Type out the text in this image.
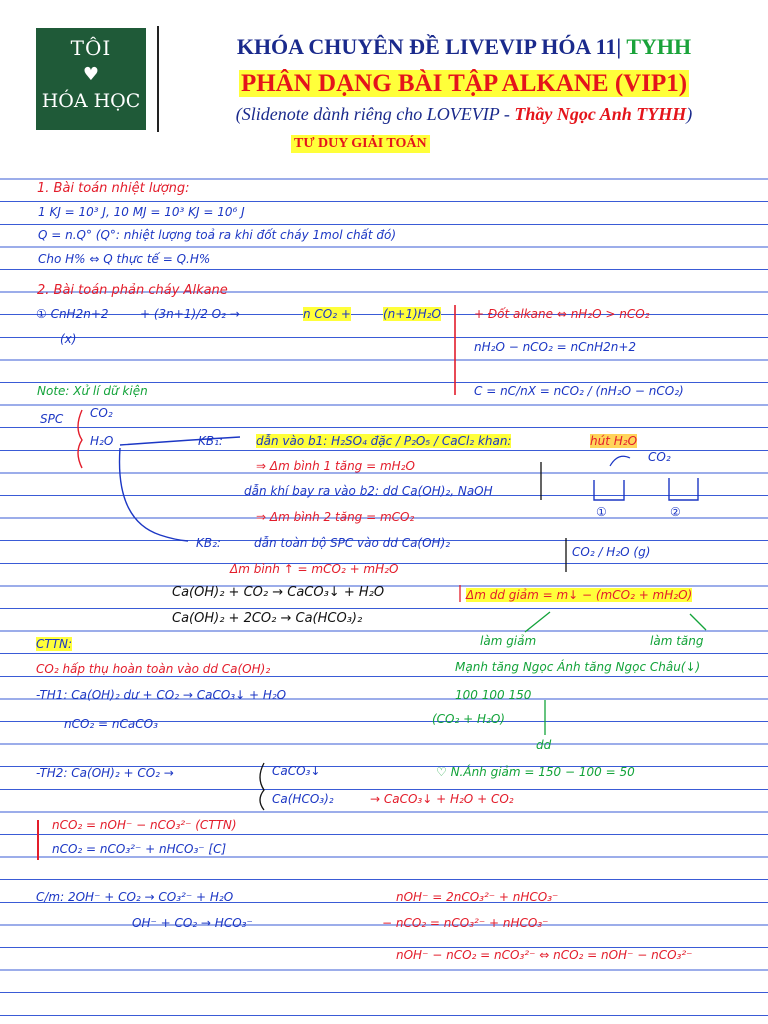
TÔI
♥
HÓA HỌC
KHÓA CHUYÊN ĐỀ LIVEVIP HÓA 11| TYHH
PHÂN DẠNG BÀI TẬP ALKANE (VIP1)
(Slidenote dành riêng cho LOVEVIP - Thầy Ngọc Anh TYHH)
TƯ DUY GIẢI TOÁN
1. Bài toán nhiệt lượng:
1 KJ = 10³ J, 10 MJ = 10³ KJ = 10⁶ J
Q = n.Q° (Q°: nhiệt lượng toả ra khi đốt cháy 1mol chất đó)
Cho H% ⇔ Q thực tế = Q.H%
2. Bài toán phản cháy Alkane
① CnH2n+2	+ (3n+1)/2 O₂ →	n CO₂ +	(n+1)H₂O	+ Đốt alkane ⇔ nH₂O > nCO₂
(x)
nH₂O − nCO₂ = nCnH2n+2
Note: Xử lí dữ kiện	C = nC/nX = nCO₂ / (nH₂O − nCO₂)
SPC CO₂
H₂O	KB₁:	dẫn vào b1: H₂SO₄ đặc / P₂O₅ / CaCl₂ khan:	hút H₂O
⇒ Δm bình 1 tăng = mH₂O
dẫn khí bay ra vào b2: dd Ca(OH)₂, NaOH
⇒ Δm bình 2 tăng = mCO₂
CO₂
①	②
KB₂:	dẫn toàn bộ SPC vào dd Ca(OH)₂
CO₂ / H₂O (g)
Δm bình ↑ = mCO₂ + mH₂O
Ca(OH)₂ + CO₂ → CaCO₃↓ + H₂O	Δm dd giảm = m↓ − (mCO₂ + mH₂O)
Ca(OH)₂ + 2CO₂ → Ca(HCO₃)₂
làm giảm	làm tăng
CTTN:
Mạnh tăng Ngọc Ánh tăng Ngọc Châu(↓)
CO₂ hấp thụ hoàn toàn vào dd Ca(OH)₂
-TH1: Ca(OH)₂ dư + CO₂ → CaCO₃↓ + H₂O	100 100 150
nCO₂ = nCaCO₃	(CO₂ + H₂O)
dd
-TH2: Ca(OH)₂ + CO₂ →	CaCO₃↓	♡ N.Ánh giảm = 150 − 100 = 50
Ca(HCO₃)₂	→ CaCO₃↓ + H₂O + CO₂
nCO₂ = nOH⁻ − nCO₃²⁻ (CTTN)
nCO₂ = nCO₃²⁻ + nHCO₃⁻ [C]
C/m: 2OH⁻ + CO₂ → CO₃²⁻ + H₂O	nOH⁻ = 2nCO₃²⁻ + nHCO₃⁻
OH⁻ + CO₂ → HCO₃⁻	− nCO₂ = nCO₃²⁻ + nHCO₃⁻
nOH⁻ − nCO₂ = nCO₃²⁻ ⇔ nCO₂ = nOH⁻ − nCO₃²⁻
